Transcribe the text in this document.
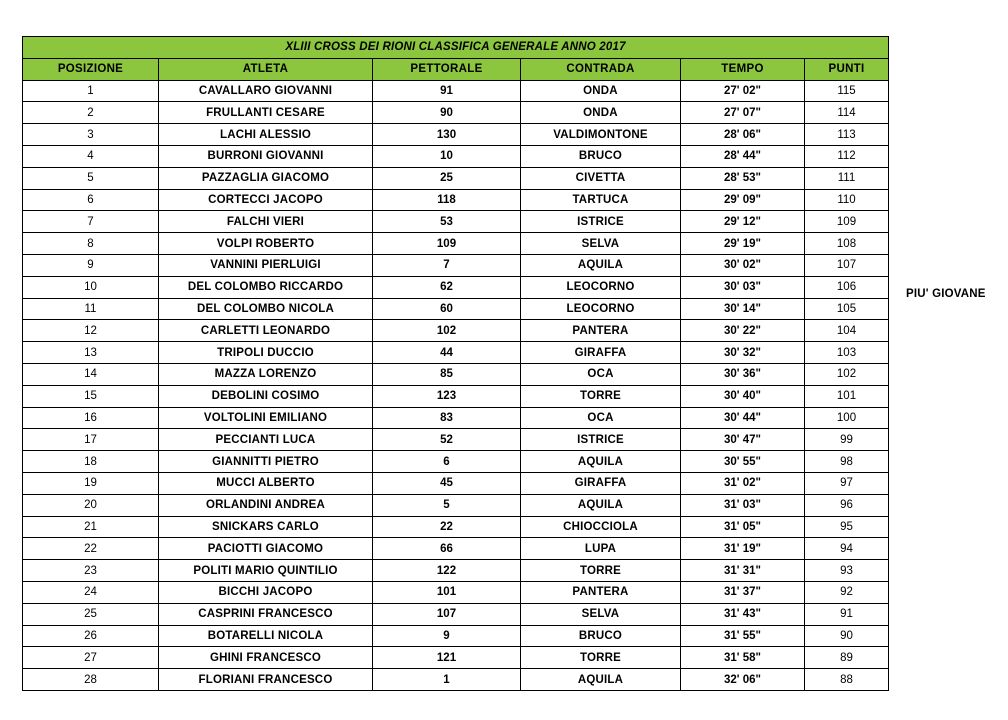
XLIII CROSS DEI RIONI CLASSIFICA GENERALE ANNO 2017					
POSIZIONE	ATLETA	PETTORALE	CONTRADA	TEMPO	PUNTI
1	CAVALLARO GIOVANNI	91	ONDA	27' 02"	115
2	FRULLANTI CESARE	90	ONDA	27' 07"	114
3	LACHI ALESSIO	130	VALDIMONTONE	28' 06"	113
4	BURRONI GIOVANNI	10	BRUCO	28' 44"	112
5	PAZZAGLIA GIACOMO	25	CIVETTA	28' 53"	111
6	CORTECCI JACOPO	118	TARTUCA	29' 09"	110
7	FALCHI VIERI	53	ISTRICE	29' 12"	109
8	VOLPI ROBERTO	109	SELVA	29' 19"	108
9	VANNINI PIERLUIGI	7	AQUILA	30' 02"	107
10	DEL COLOMBO RICCARDO	62	LEOCORNO	30' 03"	106
11	DEL COLOMBO NICOLA	60	LEOCORNO	30' 14"	105
12	CARLETTI LEONARDO	102	PANTERA	30' 22"	104
13	TRIPOLI DUCCIO	44	GIRAFFA	30' 32"	103
14	MAZZA LORENZO	85	OCA	30' 36"	102
15	DEBOLINI COSIMO	123	TORRE	30' 40"	101
16	VOLTOLINI EMILIANO	83	OCA	30' 44"	100
17	PECCIANTI LUCA	52	ISTRICE	30' 47"	99
18	GIANNITTI PIETRO	6	AQUILA	30' 55"	98
19	MUCCI ALBERTO	45	GIRAFFA	31' 02"	97
20	ORLANDINI ANDREA	5	AQUILA	31' 03"	96
21	SNICKARS CARLO	22	CHIOCCIOLA	31' 05"	95
22	PACIOTTI GIACOMO	66	LUPA	31' 19"	94
23	POLITI MARIO QUINTILIO	122	TORRE	31' 31"	93
24	BICCHI JACOPO	101	PANTERA	31' 37"	92
25	CASPRINI FRANCESCO	107	SELVA	31' 43"	91
26	BOTARELLI NICOLA	9	BRUCO	31' 55"	90
27	GHINI FRANCESCO	121	TORRE	31' 58"	89
28	FLORIANI FRANCESCO	1	AQUILA	32' 06"	88
PIU' GIOVANE
